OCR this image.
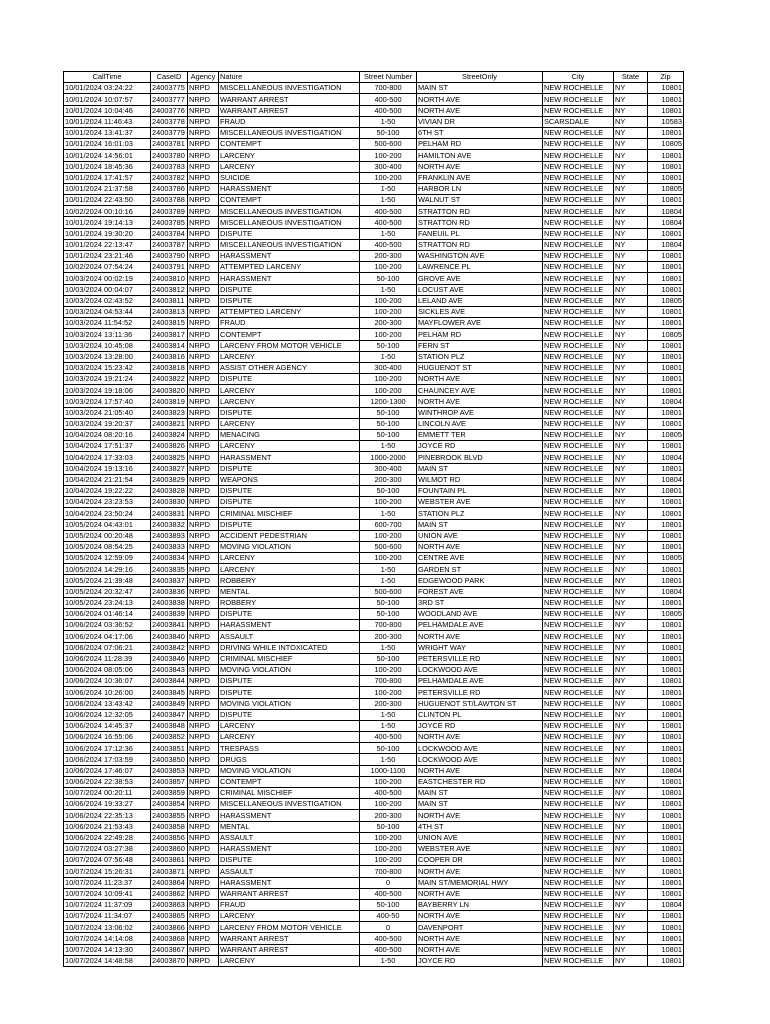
CallTime	CaseID	Agency	Nature	Street Number	StreetOnly	City	State	Zip
10/01/2024 03:24:22	24003775	NRPD	MISCELLANEOUS INVESTIGATION	700-800	MAIN ST	NEW ROCHELLE	NY	10801
10/01/2024 10:07:57	24003777	NRPD	WARRANT ARREST	400-500	NORTH AVE	NEW ROCHELLE	NY	10801
10/01/2024 10:04:46	24003776	NRPD	WARRANT ARREST	400-500	NORTH AVE	NEW ROCHELLE	NY	10801
10/01/2024 11:46:43	24003778	NRPD	FRAUD	1-50	VIVIAN DR	SCARSDALE	NY	10583
10/01/2024 13:41:37	24003779	NRPD	MISCELLANEOUS INVESTIGATION	50-100	6TH ST	NEW ROCHELLE	NY	10801
10/01/2024 16:01:03	24003781	NRPD	CONTEMPT	500-600	PELHAM RD	NEW ROCHELLE	NY	10805
10/01/2024 14:56:01	24003780	NRPD	LARCENY	100-200	HAMILTON AVE	NEW ROCHELLE	NY	10801
10/01/2024 18:45:36	24003783	NRPD	LARCENY	300-400	NORTH AVE	NEW ROCHELLE	NY	10801
10/01/2024 17:41:57	24003782	NRPD	SUICIDE	100-200	FRANKLIN AVE	NEW ROCHELLE	NY	10801
10/01/2024 21:37:58	24003786	NRPD	HARASSMENT	1-50	HARBOR LN	NEW ROCHELLE	NY	10805
10/01/2024 22:43:50	24003788	NRPD	CONTEMPT	1-50	WALNUT ST	NEW ROCHELLE	NY	10801
10/02/2024 00:10:16	24003789	NRPD	MISCELLANEOUS INVESTIGATION	400-500	STRATTON RD	NEW ROCHELLE	NY	10804
10/01/2024 19:14:13	24003785	NRPD	MISCELLANEOUS INVESTIGATION	400-500	STRATTON RD	NEW ROCHELLE	NY	10804
10/01/2024 19:30:20	24003784	NRPD	DISPUTE	1-50	FANEUIL PL	NEW ROCHELLE	NY	10801
10/01/2024 22:13:47	24003787	NRPD	MISCELLANEOUS INVESTIGATION	400-500	STRATTON RD	NEW ROCHELLE	NY	10804
10/01/2024 23:21:46	24003790	NRPD	HARASSMENT	200-300	WASHINGTON AVE	NEW ROCHELLE	NY	10801
10/02/2024 07:54:24	24003791	NRPD	ATTEMPTED LARCENY	100-200	LAWRENCE PL	NEW ROCHELLE	NY	10801
10/03/2024 00:02:19	24003810	NRPD	HARASSMENT	50-100	GROVE AVE	NEW ROCHELLE	NY	10801
10/03/2024 00:04:07	24003812	NRPD	DISPUTE	1-50	LOCUST AVE	NEW ROCHELLE	NY	10801
10/03/2024 02:43:52	24003811	NRPD	DISPUTE	100-200	LELAND AVE	NEW ROCHELLE	NY	10805
10/03/2024 04:53:44	24003813	NRPD	ATTEMPTED LARCENY	100-200	SICKLES AVE	NEW ROCHELLE	NY	10801
10/03/2024 11:54:52	24003815	NRPD	FRAUD	200-300	MAYFLOWER AVE	NEW ROCHELLE	NY	10801
10/03/2024 13:11:36	24003817	NRPD	CONTEMPT	100-200	PELHAM RD	NEW ROCHELLE	NY	10805
10/03/2024 10:45:08	24003814	NRPD	LARCENY FROM MOTOR VEHICLE	50-100	FERN ST	NEW ROCHELLE	NY	10801
10/03/2024 13:28:00	24003816	NRPD	LARCENY	1-50	STATION PLZ	NEW ROCHELLE	NY	10801
10/03/2024 15:23:42	24003818	NRPD	ASSIST OTHER AGENCY	300-400	HUGUENOT ST	NEW ROCHELLE	NY	10801
10/03/2024 19:21:24	24003822	NRPD	DISPUTE	100-200	NORTH AVE	NEW ROCHELLE	NY	10801
10/03/2024 19:18:06	24003820	NRPD	LARCENY	100-200	CHAUNCEY AVE	NEW ROCHELLE	NY	10801
10/03/2024 17:57:40	24003819	NRPD	LARCENY	1200-1300	NORTH AVE	NEW ROCHELLE	NY	10804
10/03/2024 21:05:40	24003823	NRPD	DISPUTE	50-100	WINTHROP AVE	NEW ROCHELLE	NY	10801
10/03/2024 19:20:37	24003821	NRPD	LARCENY	50-100	LINCOLN AVE	NEW ROCHELLE	NY	10801
10/04/2024 08:20:16	24003824	NRPD	MENACING	50-100	EMMETT TER	NEW ROCHELLE	NY	10805
10/04/2024 17:51:37	24003826	NRPD	LARCENY	1-50	JOYCE RD	NEW ROCHELLE	NY	10801
10/04/2024 17:33:03	24003825	NRPD	HARASSMENT	1000-2000	PINEBROOK BLVD	NEW ROCHELLE	NY	10804
10/04/2024 19:13:16	24003827	NRPD	DISPUTE	300-400	MAIN ST	NEW ROCHELLE	NY	10801
10/04/2024 21:21:54	24003829	NRPD	WEAPONS	200-300	WILMOT RD	NEW ROCHELLE	NY	10804
10/04/2024 19:22:22	24003828	NRPD	DISPUTE	50-100	FOUNTAIN PL	NEW ROCHELLE	NY	10801
10/04/2024 23:23:53	24003830	NRPD	DISPUTE	100-200	WEBSTER AVE	NEW ROCHELLE	NY	10801
10/04/2024 23:50:24	24003831	NRPD	CRIMINAL MISCHIEF	1-50	STATION PLZ	NEW ROCHELLE	NY	10801
10/05/2024 04:43:01	24003832	NRPD	DISPUTE	600-700	MAIN ST	NEW ROCHELLE	NY	10801
10/05/2024 00:20:48	24003893	NRPD	ACCIDENT PEDESTRIAN	100-200	UNION AVE	NEW ROCHELLE	NY	10801
10/05/2024 08:54:25	24003833	NRPD	MOVING VIOLATION	500-600	NORTH AVE	NEW ROCHELLE	NY	10801
10/05/2024 12:59:09	24003834	NRPD	LARCENY	100-200	CENTRE AVE	NEW ROCHELLE	NY	10805
10/05/2024 14:29:16	24003835	NRPD	LARCENY	1-50	GARDEN ST	NEW ROCHELLE	NY	10801
10/05/2024 21:39:48	24003837	NRPD	ROBBERY	1-50	EDGEWOOD PARK	NEW ROCHELLE	NY	10801
10/05/2024 20:32:47	24003836	NRPD	MENTAL	500-600	FOREST AVE	NEW ROCHELLE	NY	10804
10/05/2024 23:24:13	24003838	NRPD	ROBBERY	50-100	3RD ST	NEW ROCHELLE	NY	10801
10/06/2024 01:46:14	24003839	NRPD	DISPUTE	50-100	WOODLAND AVE	NEW ROCHELLE	NY	10805
10/06/2024 03:36:52	24003841	NRPD	HARASSMENT	700-800	PELHAMDALE AVE	NEW ROCHELLE	NY	10801
10/06/2024 04:17:06	24003840	NRPD	ASSAULT	200-300	NORTH AVE	NEW ROCHELLE	NY	10801
10/06/2024 07:06:21	24003842	NRPD	DRIVING WHILE INTOXICATED	1-50	WRIGHT WAY	NEW ROCHELLE	NY	10801
10/06/2024 11:28:39	24003846	NRPD	CRIMINAL MISCHIEF	50-100	PETERSVILLE RD	NEW ROCHELLE	NY	10801
10/06/2024 08:05:06	24003843	NRPD	MOVING VIOLATION	100-200	LOCKWOOD AVE	NEW ROCHELLE	NY	10801
10/06/2024 10:36:07	24003844	NRPD	DISPUTE	700-800	PELHAMDALE AVE	NEW ROCHELLE	NY	10801
10/06/2024 10:26:00	24003845	NRPD	DISPUTE	100-200	PETERSVILLE RD	NEW ROCHELLE	NY	10801
10/06/2024 13:43:42	24003849	NRPD	MOVING VIOLATION	200-300	HUGUENOT ST/LAWTON ST	NEW ROCHELLE	NY	10801
10/06/2024 12:32:05	24003847	NRPD	DISPUTE	1-50	CLINTON PL	NEW ROCHELLE	NY	10801
10/06/2024 14:45:37	24003848	NRPD	LARCENY	1-50	JOYCE RD	NEW ROCHELLE	NY	10801
10/06/2024 16:55:06	24003852	NRPD	LARCENY	400-500	NORTH AVE	NEW ROCHELLE	NY	10801
10/06/2024 17:12:36	24003851	NRPD	TRESPASS	50-100	LOCKWOOD AVE	NEW ROCHELLE	NY	10801
10/06/2024 17:03:59	24003850	NRPD	DRUGS	1-50	LOCKWOOD AVE	NEW ROCHELLE	NY	10801
10/06/2024 17:46:07	24003853	NRPD	MOVING VIOLATION	1000-1100	NORTH AVE	NEW ROCHELLE	NY	10804
10/06/2024 22:38:53	24003857	NRPD	CONTEMPT	100-200	EASTCHESTER RD	NEW ROCHELLE	NY	10801
10/07/2024 00:20:11	24003859	NRPD	CRIMINAL MISCHIEF	400-500	MAIN ST	NEW ROCHELLE	NY	10801
10/06/2024 19:33:27	24003854	NRPD	MISCELLANEOUS INVESTIGATION	100-200	MAIN ST	NEW ROCHELLE	NY	10801
10/06/2024 22:35:13	24003855	NRPD	HARASSMENT	200-300	NORTH AVE	NEW ROCHELLE	NY	10801
10/06/2024 21:53:43	24003858	NRPD	MENTAL	50-100	4TH ST	NEW ROCHELLE	NY	10801
10/06/2024 22:49:28	24003856	NRPD	ASSAULT	100-200	UNION AVE	NEW ROCHELLE	NY	10801
10/07/2024 03:27:38	24003860	NRPD	HARASSMENT	100-200	WEBSTER AVE	NEW ROCHELLE	NY	10801
10/07/2024 07:56:48	24003861	NRPD	DISPUTE	100-200	COOPER DR	NEW ROCHELLE	NY	10801
10/07/2024 15:26:31	24003871	NRPD	ASSAULT	700-800	NORTH AVE	NEW ROCHELLE	NY	10801
10/07/2024 11:23:37	24003864	NRPD	HARASSMENT	0	MAIN ST/MEMORIAL HWY	NEW ROCHELLE	NY	10801
10/07/2024 10:09:41	24003862	NRPD	WARRANT ARREST	400-500	NORTH AVE	NEW ROCHELLE	NY	10801
10/07/2024 11:37:09	24003863	NRPD	FRAUD	50-100	BAYBERRY LN	NEW ROCHELLE	NY	10804
10/07/2024 11:34:07	24003865	NRPD	LARCENY	400-50	NORTH AVE	NEW ROCHELLE	NY	10801
10/07/2024 13:06:02	24003866	NRPD	LARCENY FROM MOTOR VEHICLE	0	DAVENPORT	NEW ROCHELLE	NY	10801
10/07/2024 14:14:08	24003868	NRPD	WARRANT ARREST	400-500	NORTH AVE	NEW ROCHELLE	NY	10801
10/07/2024 14:13:30	24003867	NRPD	WARRANT ARREST	400-500	NORTH AVE	NEW ROCHELLE	NY	10801
10/07/2024 14:48:58	24003870	NRPD	LARCENY	1-50	JOYCE RD	NEW ROCHELLE	NY	10801
